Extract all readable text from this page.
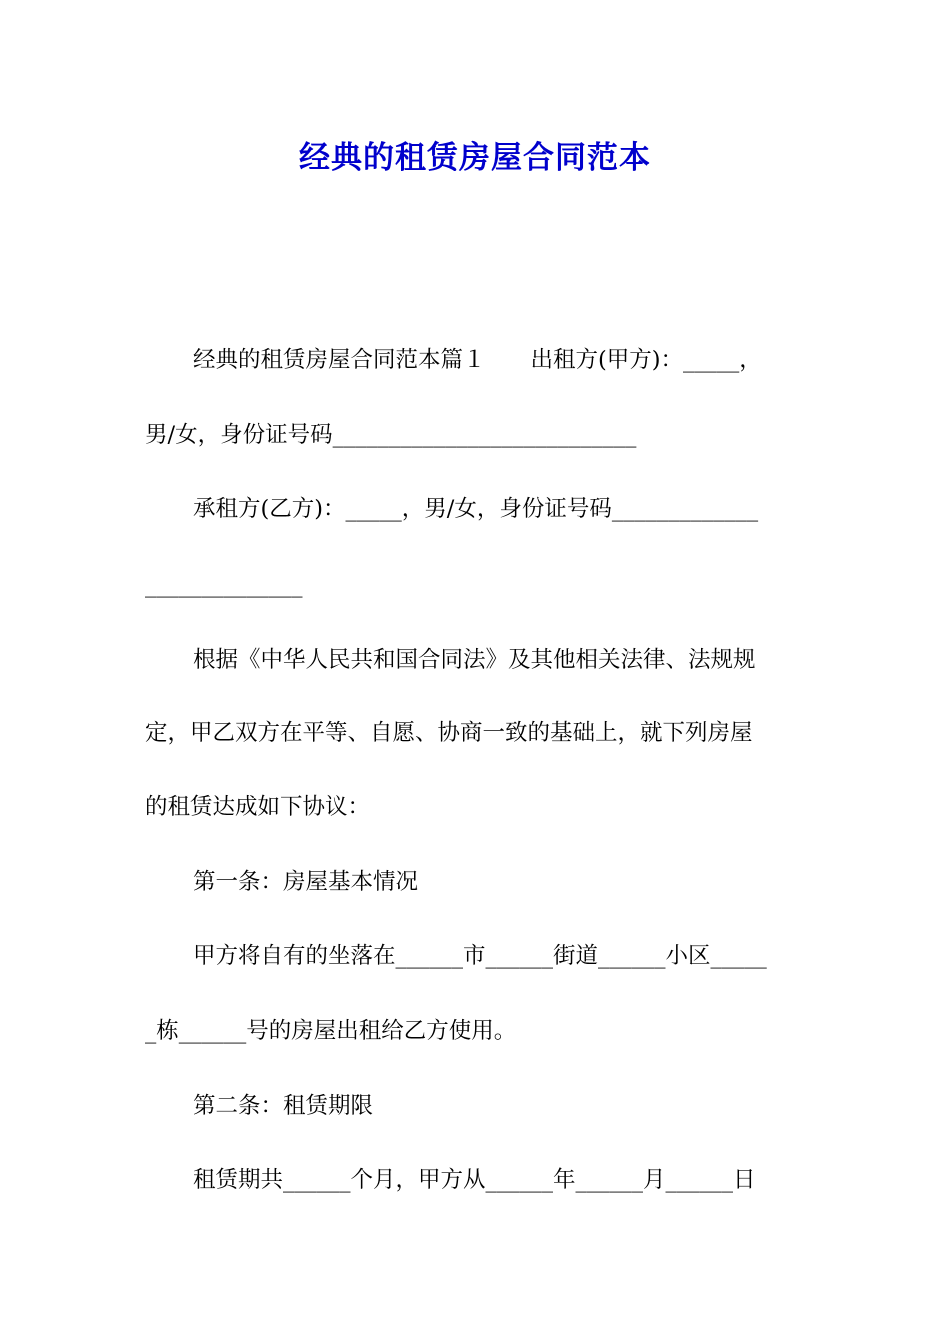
经典的租赁房屋合同范本
经典的租赁房屋合同范本篇１　　出租方(甲方)：_____，
男/女，身份证号码___________________________
承租方(乙方)：_____，男/女，身份证号码_____________
______________
根据《中华人民共和国合同法》及其他相关法律、法规规
定，甲乙双方在平等、自愿、协商一致的基础上，就下列房屋
的租赁达成如下协议：
第一条：房屋基本情况
甲方将自有的坐落在______市______街道______小区_____
_栋______号的房屋出租给乙方使用。
第二条：租赁期限
租赁期共______个月，甲方从______年______月______日
